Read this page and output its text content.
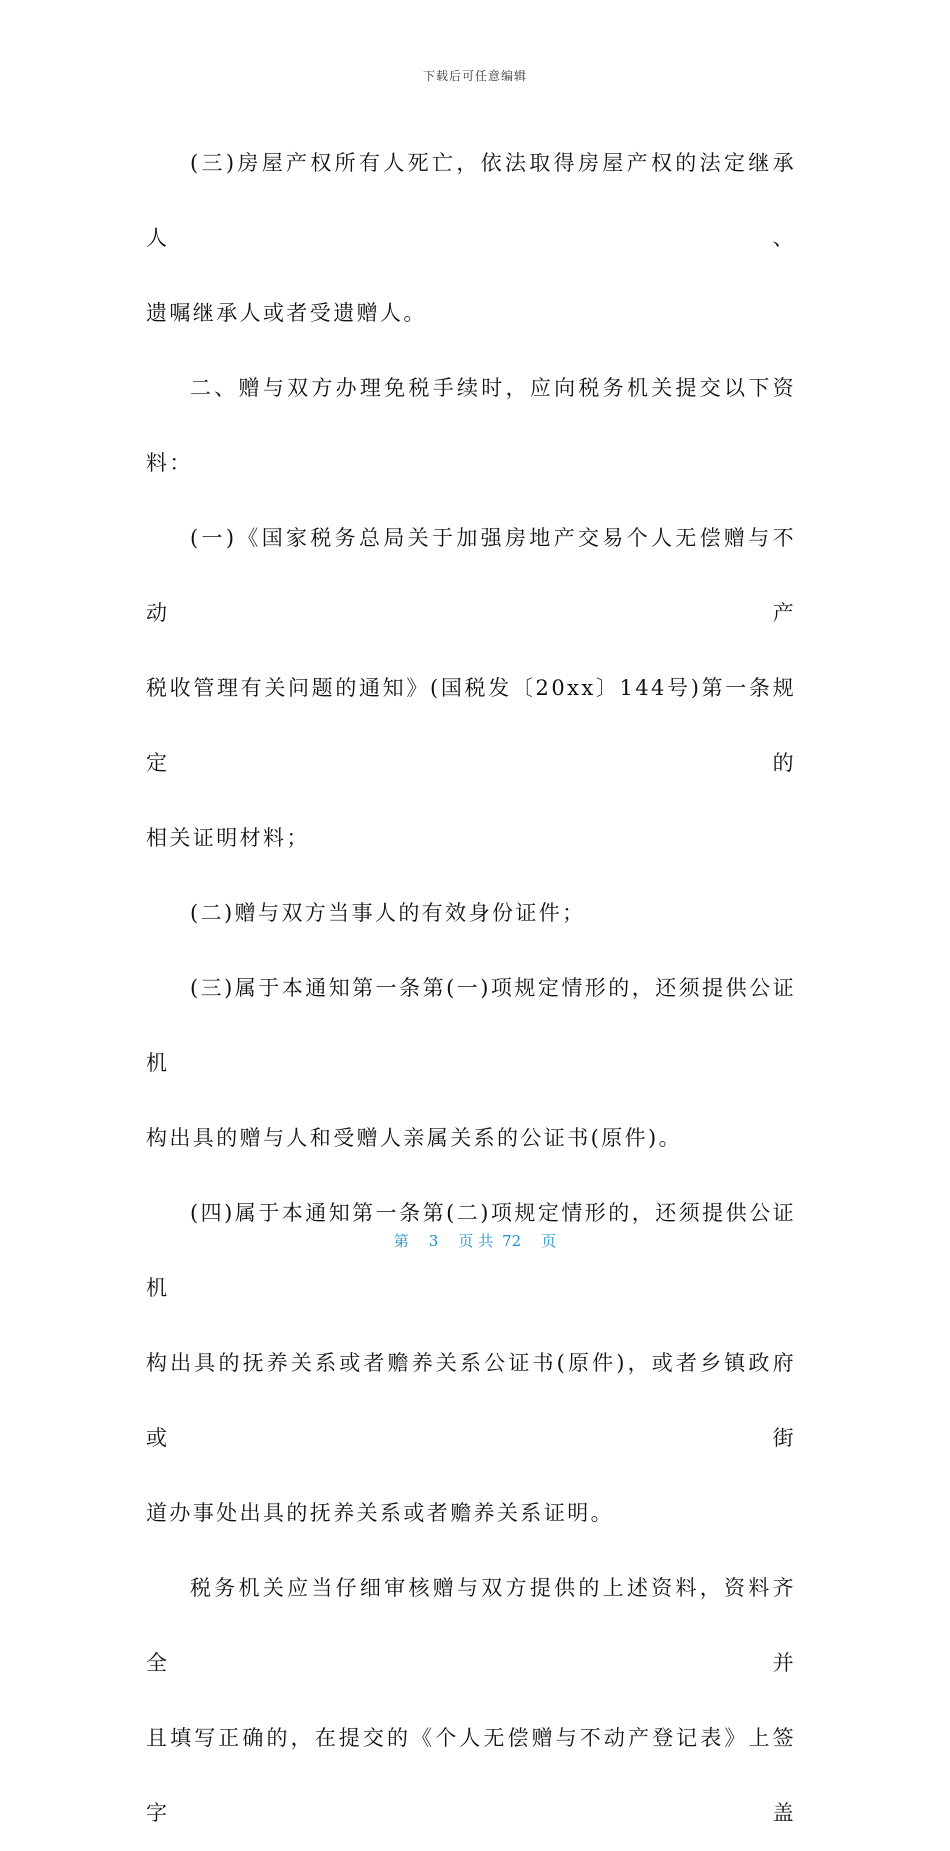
下载后可任意编辑

(三)房屋产权所有人死亡，依法取得房屋产权的法定继承人、

遗嘱继承人或者受遗赠人。

二、赠与双方办理免税手续时，应向税务机关提交以下资料：

(一)《国家税务总局关于加强房地产交易个人无偿赠与不动产

税收管理有关问题的通知》(国税发〔20xx〕144号)第一条规定的

相关证明材料；

(二)赠与双方当事人的有效身份证件；

(三)属于本通知第一条第(一)项规定情形的，还须提供公证机

构出具的赠与人和受赠人亲属关系的公证书(原件)。

(四)属于本通知第一条第(二)项规定情形的，还须提供公证机

构出具的抚养关系或者赡养关系公证书(原件)，或者乡镇政府或街

道办事处出具的抚养关系或者赡养关系证明。

税务机关应当仔细审核赠与双方提供的上述资料，资料齐全并

且填写正确的，在提交的《个人无偿赠与不动产登记表》上签字盖

第 3 页 共 72 页
